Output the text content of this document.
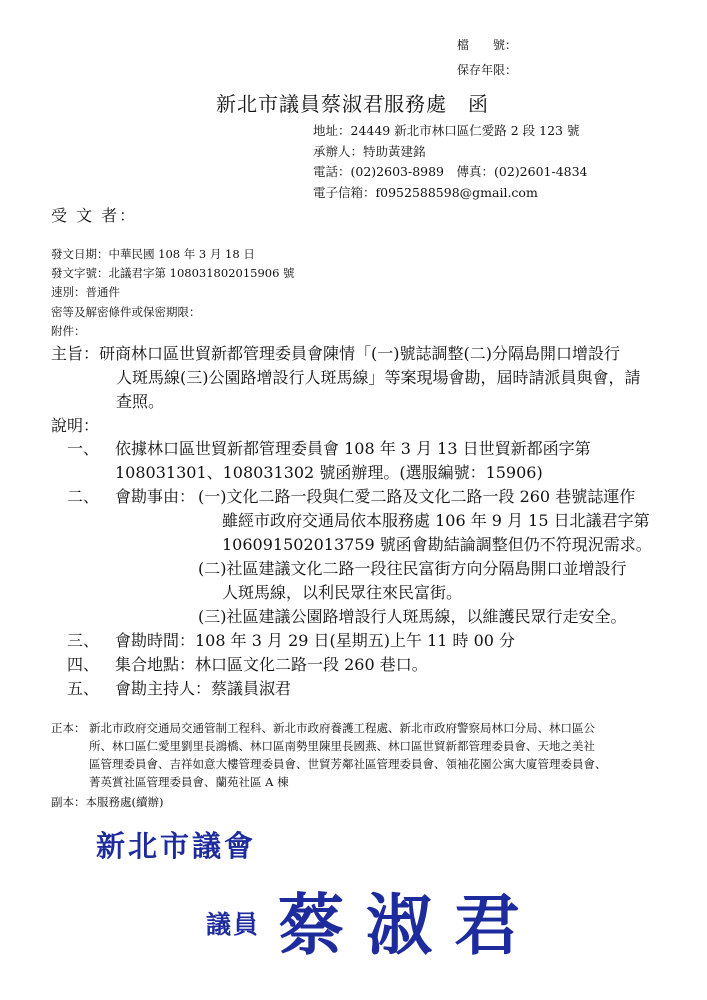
檔　　號：
保存年限：
新北市議員蔡淑君服務處　函
地址：24449 新北市林口區仁愛路 2 段 123 號
承辦人：特助黃建銘
電話：(02)2603-8989　傳真：(02)2601-4834
電子信箱：f0952588598@gmail.com
受 文 者：
發文日期：中華民國 108 年 3 月 18 日
發文字號：北議君字第 108031802015906 號
速別：普通件
密等及解密條件或保密期限：
附件：
主旨： 研商林口區世貿新都管理委員會陳情「(一)號誌調整(二)分隔島開口增設行
人斑馬線(三)公園路增設行人斑馬線」等案現場會勘，屆時請派員與會，請
查照。
說明：
一、 依據林口區世貿新都管理委員會 108 年 3 月 13 日世貿新都函字第
108031301、108031302 號函辦理。(選服編號：15906)
二、 會勘事由： (一)文化二路一段與仁愛二路及文化二路一段 260 巷號誌運作
雖經市政府交通局依本服務處 106 年 9 月 15 日北議君字第
106091502013759 號函會勘結論調整但仍不符現況需求。
(二)社區建議文化二路一段往民富街方向分隔島開口並增設行
人斑馬線，以利民眾往來民富街。
(三)社區建議公園路增設行人斑馬線，以維護民眾行走安全。
三、 會勘時間：108 年 3 月 29 日(星期五)上午 11 時 00 分
四、 集合地點：林口區文化二路一段 260 巷口。
五、 會勘主持人：蔡議員淑君
正本： 新北市政府交通局交通管制工程科、新北市政府養護工程處、新北市政府警察局林口分局、林口區公
所、林口區仁愛里劉里長鴻橋、林口區南勢里陳里長國燕、林口區世貿新都管理委員會、天地之美社
區管理委員會、吉祥如意大樓管理委員會、世貿芳鄰社區管理委員會、領袖花園公寓大廈管理委員會、
菁英賞社區管理委員會、蘭苑社區 A 棟
副本：本服務處(續辦)
新北市議會
議員 蔡淑君
